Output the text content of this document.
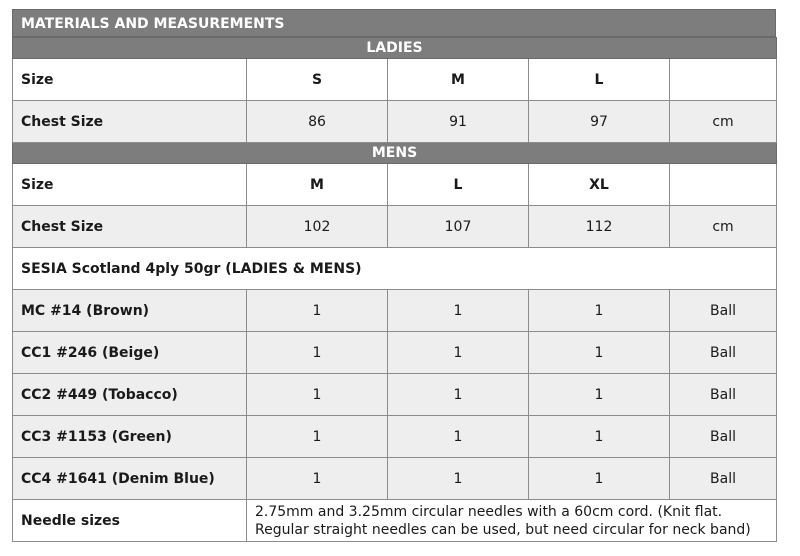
MATERIALS AND MEASUREMENTS
LADIES				
Size	S	M	L	
Chest Size	86	91	97	cm
MENS				
Size	M	L	XL	
Chest Size	102	107	112	cm
SESIA Scotland 4ply 50gr (LADIES & MENS)				
MC #14 (Brown)	1	1	1	Ball
CC1 #246 (Beige)	1	1	1	Ball
CC2 #449 (Tobacco)	1	1	1	Ball
CC3 #1153 (Green)	1	1	1	Ball
CC4 #1641 (Denim Blue)	1	1	1	Ball
Needle sizes	2.75mm and 3.25mm circular needles with a 60cm cord. (Knit flat.
Regular straight needles can be used, but need circular for neck band)			
